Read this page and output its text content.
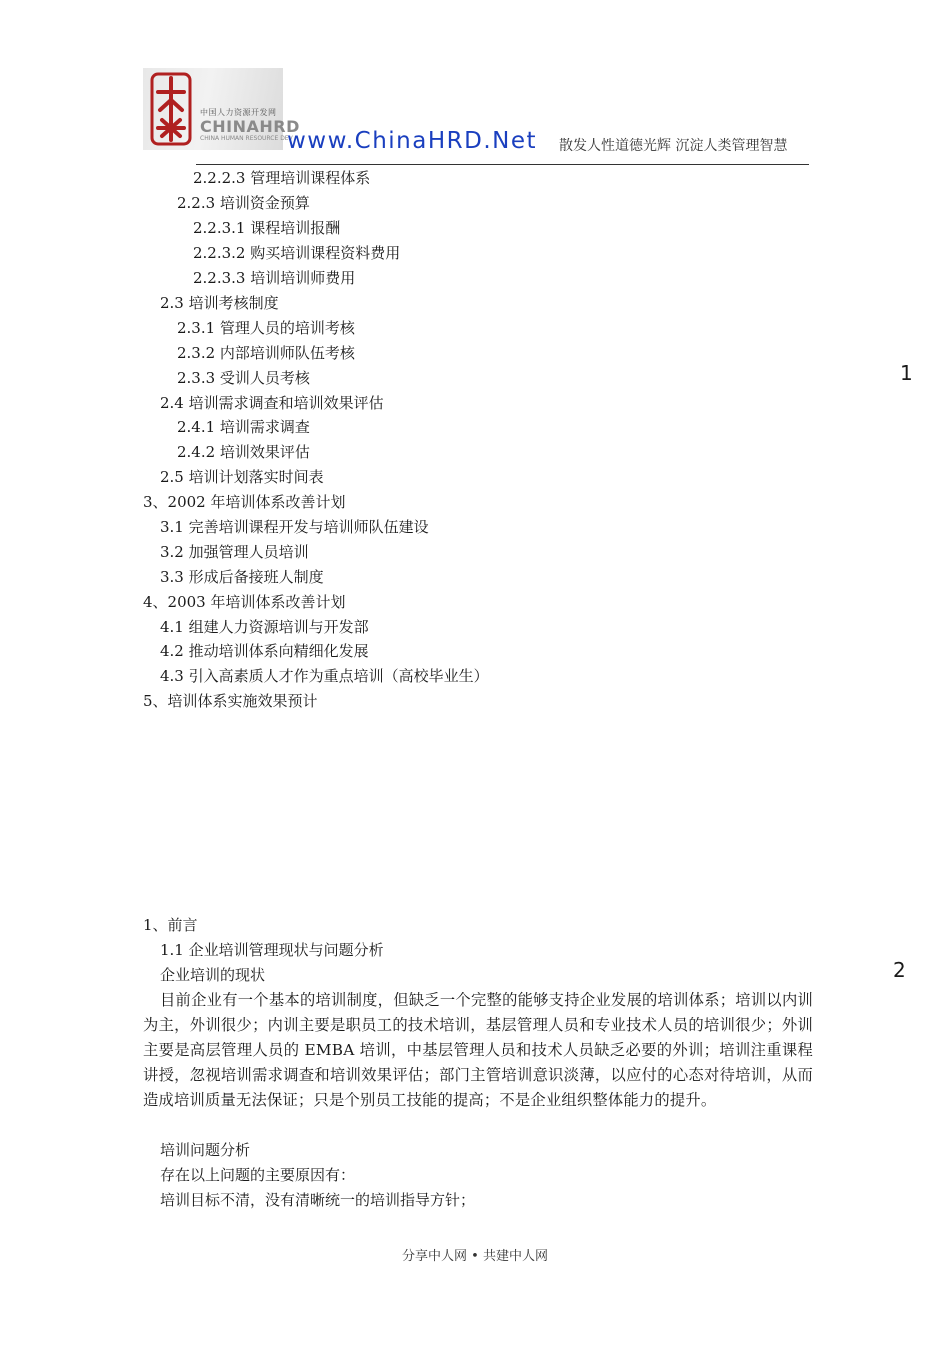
中国人力资源开发网
CHINAHRD
CHINA HUMAN RESOURCE DEV
www.ChinaHRD.Net 散发人性道德光辉 沉淀人类管理智慧
2.2.2.3 管理培训课程体系
2.2.3 培训资金预算
2.2.3.1 课程培训报酬
2.2.3.2 购买培训课程资料费用
2.2.3.3 培训培训师费用
2.3 培训考核制度
2.3.1 管理人员的培训考核
2.3.2 内部培训师队伍考核
2.3.3 受训人员考核
2.4 培训需求调查和培训效果评估
2.4.1 培训需求调查
2.4.2 培训效果评估
2.5 培训计划落实时间表
3、2002 年培训体系改善计划
3.1 完善培训课程开发与培训师队伍建设
3.2 加强管理人员培训
3.3 形成后备接班人制度
4、2003 年培训体系改善计划
4.1 组建人力资源培训与开发部
4.2 推动培训体系向精细化发展
4.3 引入高素质人才作为重点培训（高校毕业生）
5、培训体系实施效果预计
1
2
1、前言
1.1 企业培训管理现状与问题分析
企业培训的现状
目前企业有一个基本的培训制度，但缺乏一个完整的能够支持企业发展的培训体系；培训以内训为主，外训很少；内训主要是职员工的技术培训，基层管理人员和专业技术人员的培训很少；外训主要是高层管理人员的 EMBA 培训，中基层管理人员和技术人员缺乏必要的外训；培训注重课程讲授，忽视培训需求调查和培训效果评估；部门主管培训意识淡薄，以应付的心态对待培训，从而造成培训质量无法保证；只是个别员工技能的提高；不是企业组织整体能力的提升。
培训问题分析
存在以上问题的主要原因有：
培训目标不清，没有清晰统一的培训指导方针；
分享中人网 • 共建中人网
